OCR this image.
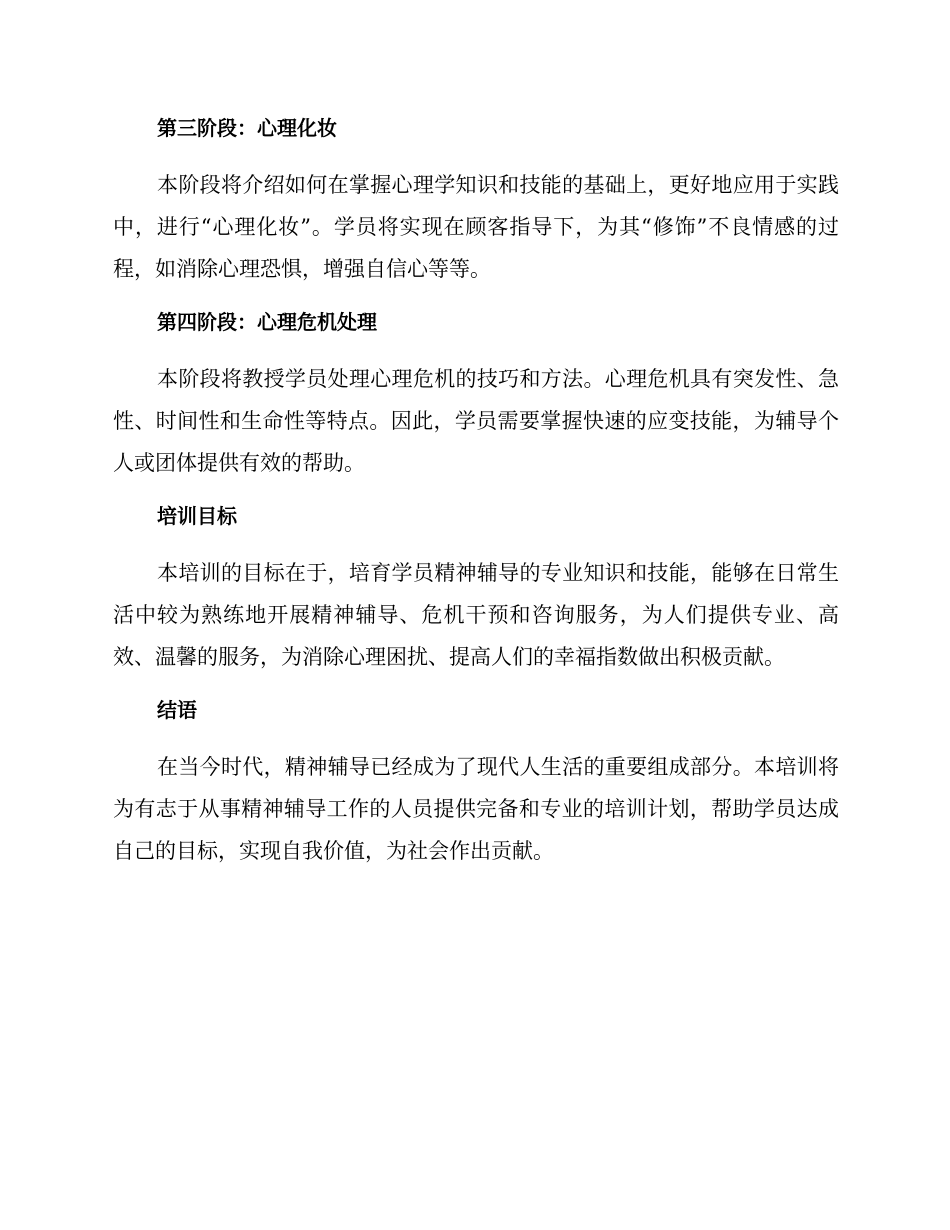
第三阶段：心理化妆

本阶段将介绍如何在掌握心理学知识和技能的基础上，更好地应用于实践中，进行“心理化妆”。学员将实现在顾客指导下，为其“修饰”不良情感的过程，如消除心理恐惧，增强自信心等等。

第四阶段：心理危机处理

本阶段将教授学员处理心理危机的技巧和方法。心理危机具有突发性、急性、时间性和生命性等特点。因此，学员需要掌握快速的应变技能，为辅导个人或团体提供有效的帮助。

培训目标

本培训的目标在于，培育学员精神辅导的专业知识和技能，能够在日常生活中较为熟练地开展精神辅导、危机干预和咨询服务，为人们提供专业、高效、温馨的服务，为消除心理困扰、提高人们的幸福指数做出积极贡献。

结语

在当今时代，精神辅导已经成为了现代人生活的重要组成部分。本培训将为有志于从事精神辅导工作的人员提供完备和专业的培训计划，帮助学员达成自己的目标，实现自我价值，为社会作出贡献。
